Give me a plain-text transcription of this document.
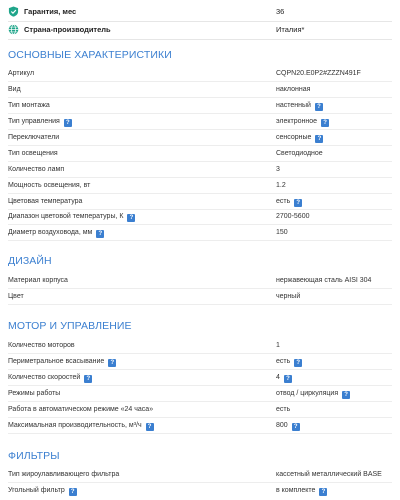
Гарантия, мес	36
Страна-производитель	Италия*
ОСНОВНЫЕ ХАРАКТЕРИСТИКИ
Артикул	CQPN20.E0P2#ZZZN491F
Вид	наклонная
Тип монтажа	настенный ?
Тип управления ?	электронное ?
Переключатели	сенсорные ?
Тип освещения	Светодиодное
Количество ламп	3
Мощность освещения, вт	1.2
Цветовая температура	есть ?
Диапазон цветовой температуры, К ?	2700-5600
Диаметр воздуховода, мм ?	150
ДИЗАЙН
Материал корпуса	нержавеющая сталь AISI 304
Цвет	черный
МОТОР И УПРАВЛЕНИЕ
Количество моторов	1
Периметральное всасывание ?	есть ?
Количество скоростей ?	4 ?
Режимы работы	отвод / циркуляция ?
Работа в автоматическом режиме «24 часа»	есть
Максимальная производительность, м³/ч ?	800 ?
ФИЛЬТРЫ
Тип жироулавливающего фильтра	кассетный металлический BASE
Угольный фильтр ?	в комплекте ?
